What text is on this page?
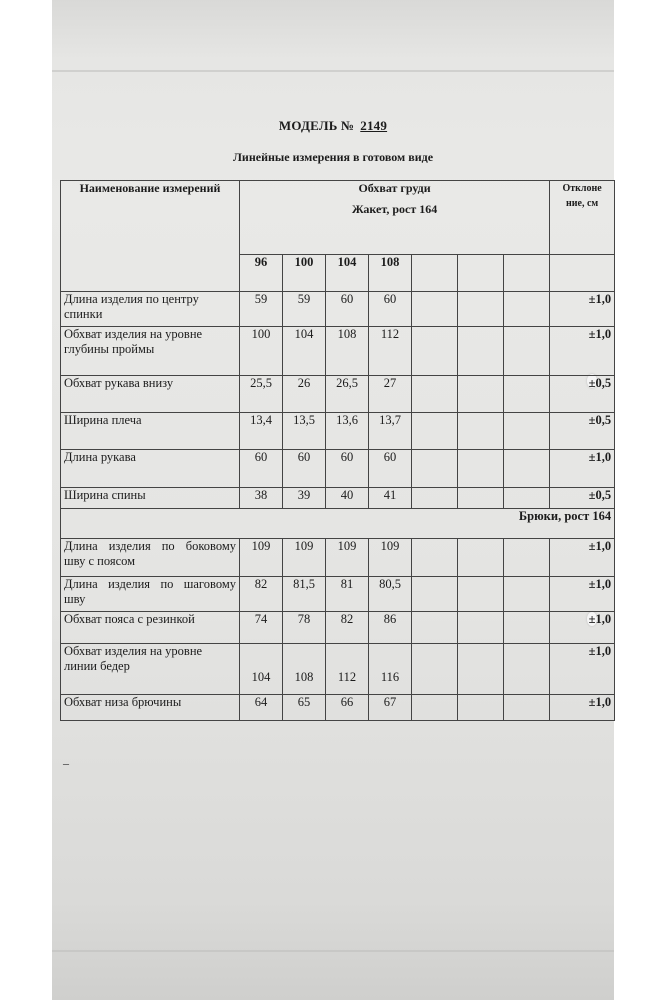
МОДЕЛЬ № 2149
Линейные измерения в готовом виде
Наименование измерений	Обхват груди
Жакет, рост 164							Отклоне ние, см
	96	100	104	108				
Длина изделия по центру спинки	59	59	60	60				±1,0
Обхват изделия на уровне глубины проймы	100	104	108	112				±1,0
Обхват рукава внизу	25,5	26	26,5	27				±0,5
Ширина плеча	13,4	13,5	13,6	13,7				±0,5
Длина рукава	60	60	60	60				±1,0
Ширина спины	38	39	40	41				±0,5
Брюки, рост 164								
Длина изделия по боковому шву с поясом	109	109	109	109				±1,0
Длина изделия по шаговому шву	82	81,5	81	80,5				±1,0
Обхват пояса с резинкой	74	78	82	86				±1,0
Обхват изделия на уровне линии бедер	104	108	112	116				±1,0
Обхват низа брючины	64	65	66	67				±1,0
–
